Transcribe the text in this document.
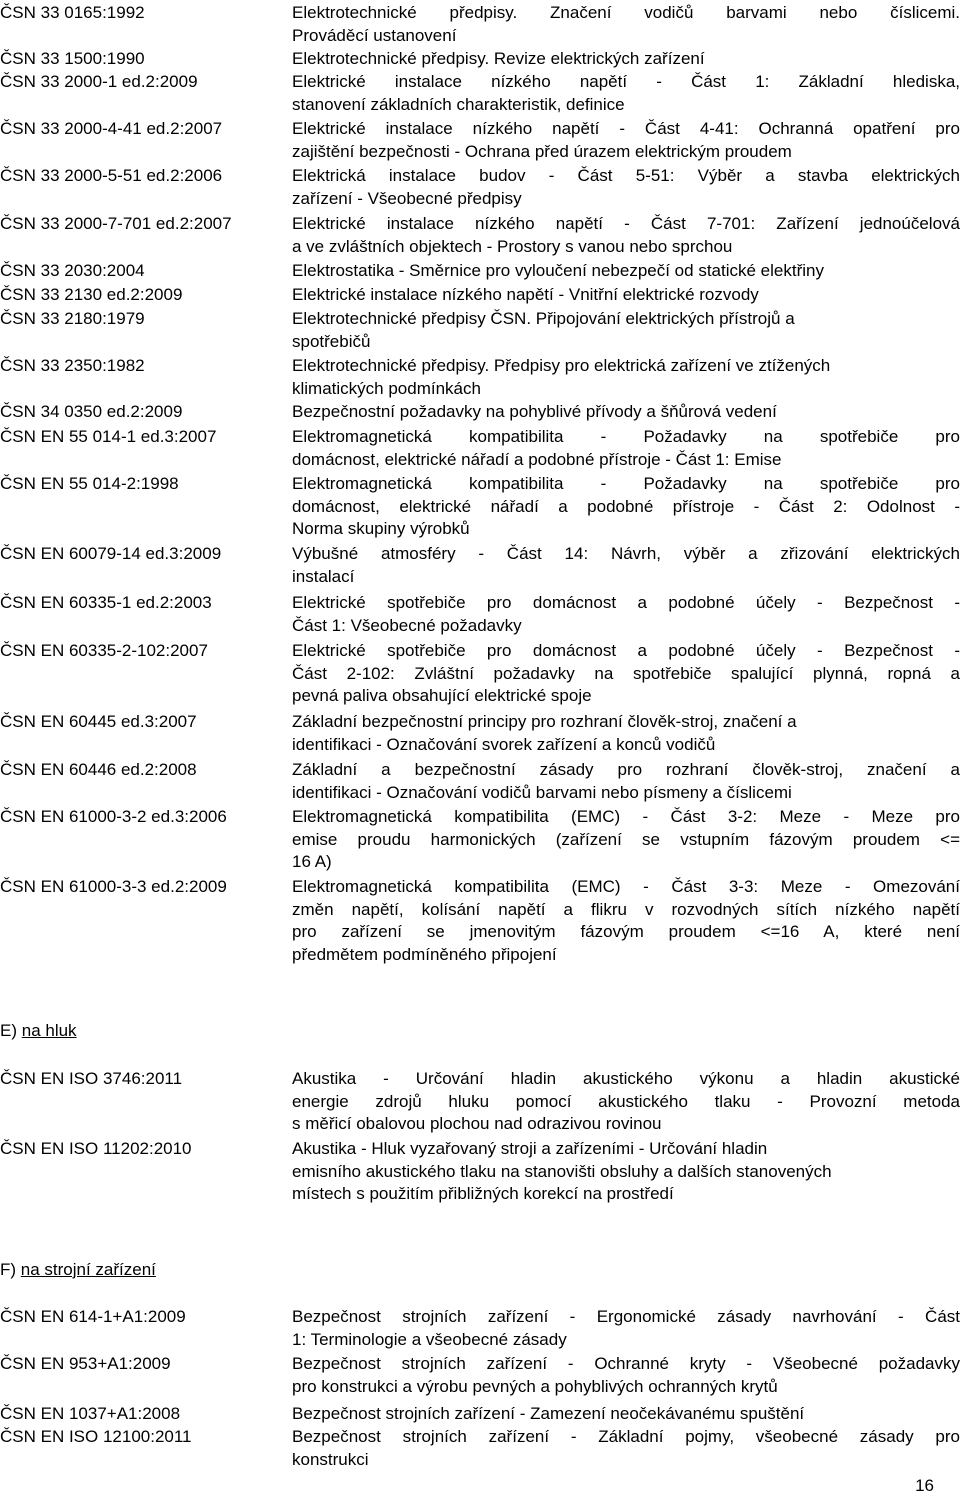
ČSN 33 0165:1992	Elektrotechnické předpisy. Značení vodičů barvami nebo číslicemi.
Prováděcí ustanovení
ČSN 33 1500:1990	Elektrotechnické předpisy. Revize elektrických zařízení
ČSN 33 2000-1 ed.2:2009	Elektrické instalace nízkého napětí - Část 1: Základní hlediska,
stanovení základních charakteristik, definice
ČSN 33 2000-4-41 ed.2:2007	Elektrické instalace nízkého napětí - Část 4-41: Ochranná opatření pro
zajištění bezpečnosti - Ochrana před úrazem elektrickým proudem
ČSN 33 2000-5-51 ed.2:2006	Elektrická instalace budov - Část 5-51: Výběr a stavba elektrických
zařízení - Všeobecné předpisy
ČSN 33 2000-7-701 ed.2:2007	Elektrické instalace nízkého napětí - Část 7-701: Zařízení jednoúčelová
a ve zvláštních objektech - Prostory s vanou nebo sprchou
ČSN 33 2030:2004	Elektrostatika - Směrnice pro vyloučení nebezpečí od statické elektřiny
ČSN 33 2130 ed.2:2009	Elektrické instalace nízkého napětí - Vnitřní elektrické rozvody
ČSN 33 2180:1979	Elektrotechnické předpisy ČSN. Připojování elektrických přístrojů a
spotřebičů
ČSN 33 2350:1982	Elektrotechnické předpisy. Předpisy pro elektrická zařízení ve ztížených
klimatických podmínkách
ČSN 34 0350 ed.2:2009	Bezpečnostní požadavky na pohyblivé přívody a šňůrová vedení
ČSN EN 55 014-1 ed.3:2007	Elektromagnetická kompatibilita - Požadavky na spotřebiče pro
domácnost, elektrické nářadí a podobné přístroje - Část 1: Emise
ČSN EN 55 014-2:1998	Elektromagnetická kompatibilita - Požadavky na spotřebiče pro
domácnost, elektrické nářadí a podobné přístroje - Část 2: Odolnost -
Norma skupiny výrobků
ČSN EN 60079-14 ed.3:2009	Výbušné atmosféry - Část 14: Návrh, výběr a zřizování elektrických
instalací
ČSN EN 60335-1 ed.2:2003	Elektrické spotřebiče pro domácnost a podobné účely - Bezpečnost -
Část 1: Všeobecné požadavky
ČSN EN 60335-2-102:2007	Elektrické spotřebiče pro domácnost a podobné účely - Bezpečnost -
Část 2-102: Zvláštní požadavky na spotřebiče spalující plynná, ropná a
pevná paliva obsahující elektrické spoje
ČSN EN 60445 ed.3:2007	Základní bezpečnostní principy pro rozhraní člověk-stroj, značení a
identifikaci - Označování svorek zařízení a konců vodičů
ČSN EN 60446 ed.2:2008	Základní a bezpečnostní zásady pro rozhraní člověk-stroj, značení a
identifikaci - Označování vodičů barvami nebo písmeny a číslicemi
ČSN EN 61000-3-2 ed.3:2006	Elektromagnetická kompatibilita (EMC) - Část 3-2: Meze - Meze pro
emise proudu harmonických (zařízení se vstupním fázovým proudem <=
16 A)
ČSN EN 61000-3-3 ed.2:2009	Elektromagnetická kompatibilita (EMC) - Část 3-3: Meze - Omezování
změn napětí, kolísání napětí a flikru v rozvodných sítích nízkého napětí
pro zařízení se jmenovitým fázovým proudem <=16 A, které není
předmětem podmíněného připojení
E) na hluk
ČSN EN ISO 3746:2011	Akustika - Určování hladin akustického výkonu a hladin akustické
energie zdrojů hluku pomocí akustického tlaku - Provozní metoda
s měřicí obalovou plochou nad odrazivou rovinou
ČSN EN ISO 11202:2010	Akustika - Hluk vyzařovaný stroji a zařízeními - Určování hladin
emisního akustického tlaku na stanovišti obsluhy a dalších stanovených
místech s použitím přibližných korekcí na prostředí
F) na strojní zařízení
ČSN EN 614-1+A1:2009	Bezpečnost strojních zařízení - Ergonomické zásady navrhování - Část
1: Terminologie a všeobecné zásady
ČSN EN 953+A1:2009	Bezpečnost strojních zařízení - Ochranné kryty - Všeobecné požadavky
pro konstrukci a výrobu pevných a pohyblivých ochranných krytů
ČSN EN 1037+A1:2008	Bezpečnost strojních zařízení - Zamezení neočekávanému spuštění
ČSN EN ISO 12100:2011	Bezpečnost strojních zařízení - Základní pojmy, všeobecné zásady pro
konstrukci
16
